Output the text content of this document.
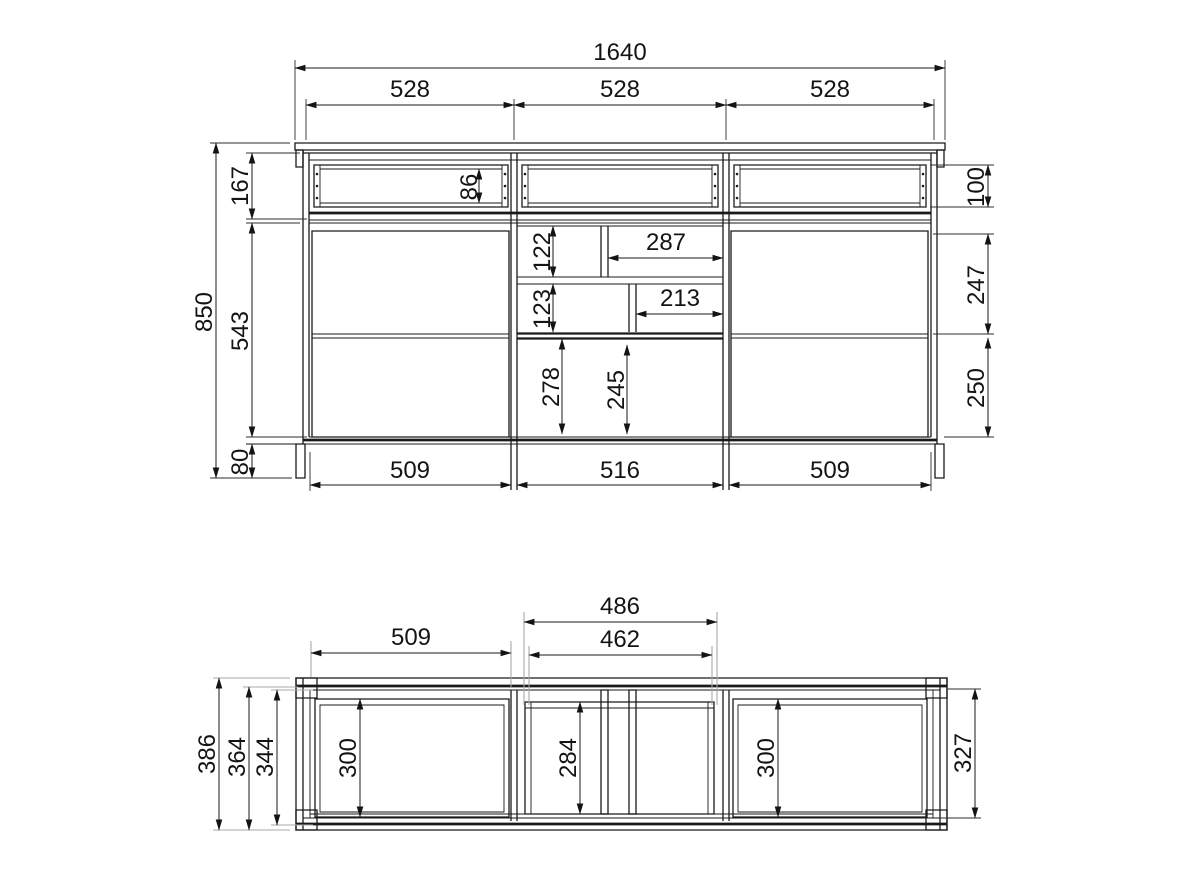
1640
528	528	528
850
167
543
80
86	100
247
250
122	287
123	213
278 245
509	516	509
509
486
462
386 364 344 300	284	300	327
